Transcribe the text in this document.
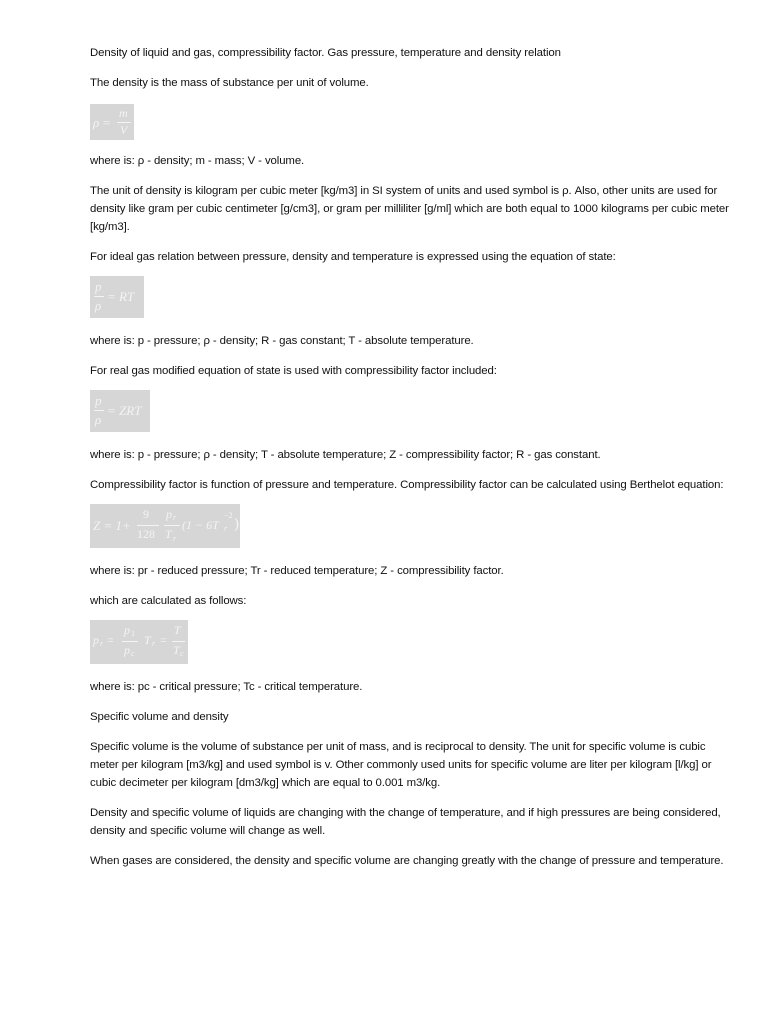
Density of liquid and gas, compressibility factor. Gas pressure, temperature and density relation

The density is the mass of substance per unit of volume.

ρ =
m
V

where is: ρ - density; m - mass; V - volume.

The unit of density is kilogram per cubic meter [kg/m3] in SI system of units and used symbol is ρ. Also, other units are used for density like gram per cubic centimeter [g/cm3], or gram per milliliter [g/ml] which are both equal to 1000 kilograms per cubic meter [kg/m3].

For ideal gas relation between pressure, density and temperature is expressed using the equation of state:

p
ρ
= RT

where is: p - pressure; ρ - density; R - gas constant; T - absolute temperature.

For real gas modified equation of state is used with compressibility factor included:

p
ρ
= ZRT

where is: p - pressure; ρ - density; T - absolute temperature; Z - compressibility factor; R - gas constant.

Compressibility factor is function of pressure and temperature. Compressibility factor can be calculated using Berthelot equation:

Z = 1+
9
128
p r
T r
(1 − 6T r
−2
)

where is: pr - reduced pressure; Tr - reduced temperature; Z - compressibility factor.

which are calculated as follows:

p r =
p 1
p c
T r =
T
T c

where is: pc - critical pressure; Tc - critical temperature.

Specific volume and density

Specific volume is the volume of substance per unit of mass, and is reciprocal to density. The unit for specific volume is cubic meter per kilogram [m3/kg] and used symbol is v. Other commonly used units for specific volume are liter per kilogram [l/kg] or cubic decimeter per kilogram [dm3/kg] which are equal to 0.001 m3/kg.

Density and specific volume of liquids are changing with the change of temperature, and if high pressures are being considered, density and specific volume will change as well.

When gases are considered, the density and specific volume are changing greatly with the change of pressure and temperature.
